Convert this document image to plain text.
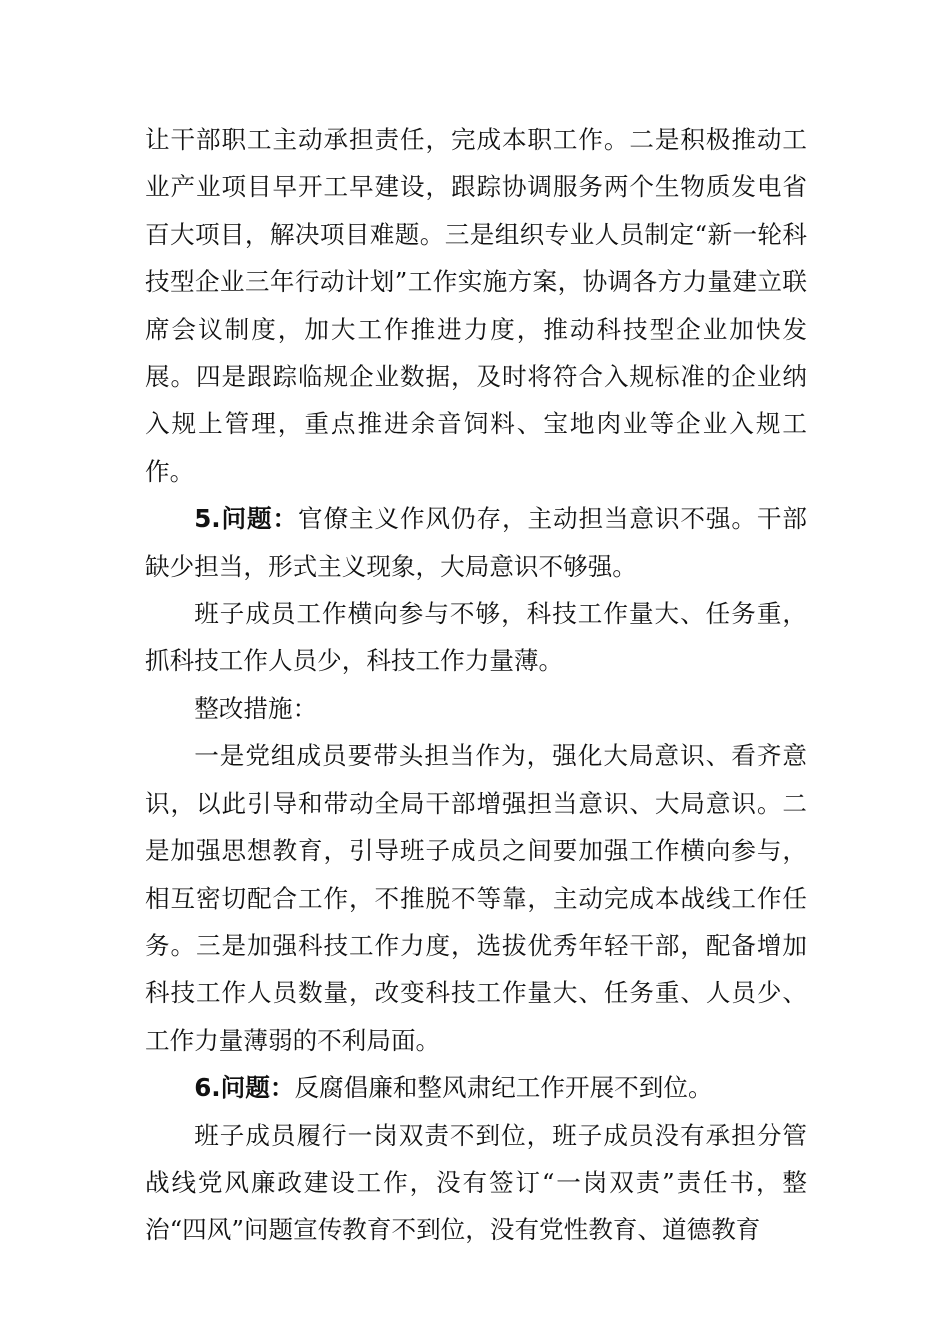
让干部职工主动承担责任，完成本职工作。二是积极推动工业产业项目早开工早建设，跟踪协调服务两个生物质发电省百大项目，解决项目难题。三是组织专业人员制定“新一轮科技型企业三年行动计划”工作实施方案，协调各方力量建立联席会议制度，加大工作推进力度，推动科技型企业加快发展。四是跟踪临规企业数据，及时将符合入规标准的企业纳入规上管理，重点推进余音饲料、宝地肉业等企业入规工作。

5.问题：官僚主义作风仍存，主动担当意识不强。干部缺少担当，形式主义现象，大局意识不够强。

班子成员工作横向参与不够，科技工作量大、任务重，抓科技工作人员少，科技工作力量薄。

整改措施：

一是党组成员要带头担当作为，强化大局意识、看齐意识，以此引导和带动全局干部增强担当意识、大局意识。二是加强思想教育，引导班子成员之间要加强工作横向参与，相互密切配合工作，不推脱不等靠，主动完成本战线工作任务。三是加强科技工作力度，选拔优秀年轻干部，配备增加科技工作人员数量，改变科技工作量大、任务重、人员少、工作力量薄弱的不利局面。

6.问题：反腐倡廉和整风肃纪工作开展不到位。

班子成员履行一岗双责不到位，班子成员没有承担分管战线党风廉政建设工作，没有签订“一岗双责”责任书，整治“四风”问题宣传教育不到位，没有党性教育、道德教育
